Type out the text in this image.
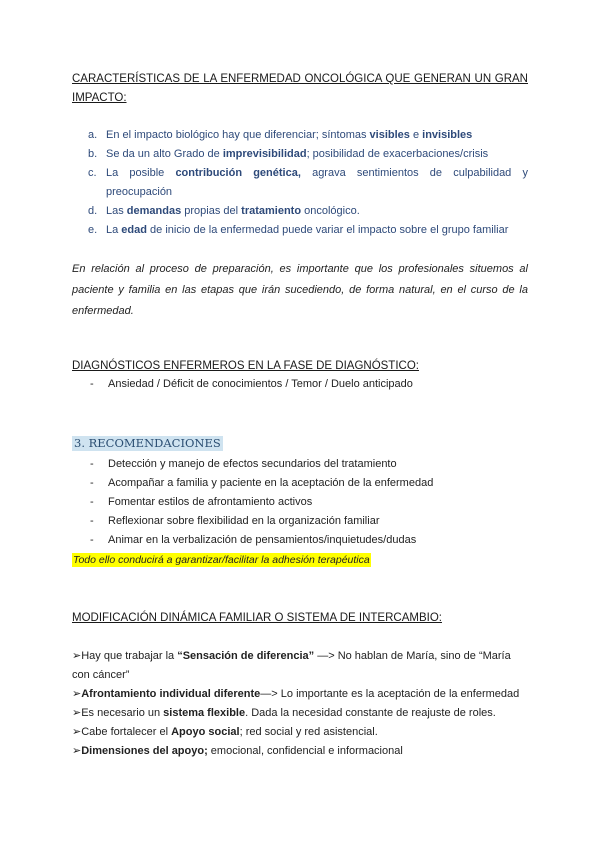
CARACTERÍSTICAS DE LA ENFERMEDAD ONCOLÓGICA QUE GENERAN UN GRAN IMPACTO:
a. En el impacto biológico hay que diferenciar; síntomas visibles e invisibles
b. Se da un alto Grado de imprevisibilidad; posibilidad de exacerbaciones/crisis
c. La posible contribución genética, agrava sentimientos de culpabilidad y preocupación
d. Las demandas propias del tratamiento oncológico.
e. La edad de inicio de la enfermedad puede variar el impacto sobre el grupo familiar
En relación al proceso de preparación, es importante que los profesionales situemos al paciente y familia en las etapas que irán sucediendo, de forma natural, en el curso de la enfermedad.
DIAGNÓSTICOS ENFERMEROS EN LA FASE DE DIAGNÓSTICO:
- Ansiedad / Déficit de conocimientos / Temor / Duelo anticipado
3. RECOMENDACIONES
- Detección y manejo de efectos secundarios del tratamiento
- Acompañar a familia y paciente en la aceptación de la enfermedad
- Fomentar estilos de afrontamiento activos
- Reflexionar sobre flexibilidad en la organización familiar
- Animar en la verbalización de pensamientos/inquietudes/dudas
Todo ello conducirá a garantizar/facilitar la adhesión terapéutica
MODIFICACIÓN DINÁMICA FAMILIAR O SISTEMA DE INTERCAMBIO:
➢Hay que trabajar la “Sensación de diferencia” —> No hablan de María, sino de “María con cáncer”
➢Afrontamiento individual diferente—> Lo importante es la aceptación de la enfermedad
➢Es necesario un sistema flexible. Dada la necesidad constante de reajuste de roles.
➢Cabe fortalecer el Apoyo social; red social y red asistencial.
➢Dimensiones del apoyo; emocional, confidencial e informacional
